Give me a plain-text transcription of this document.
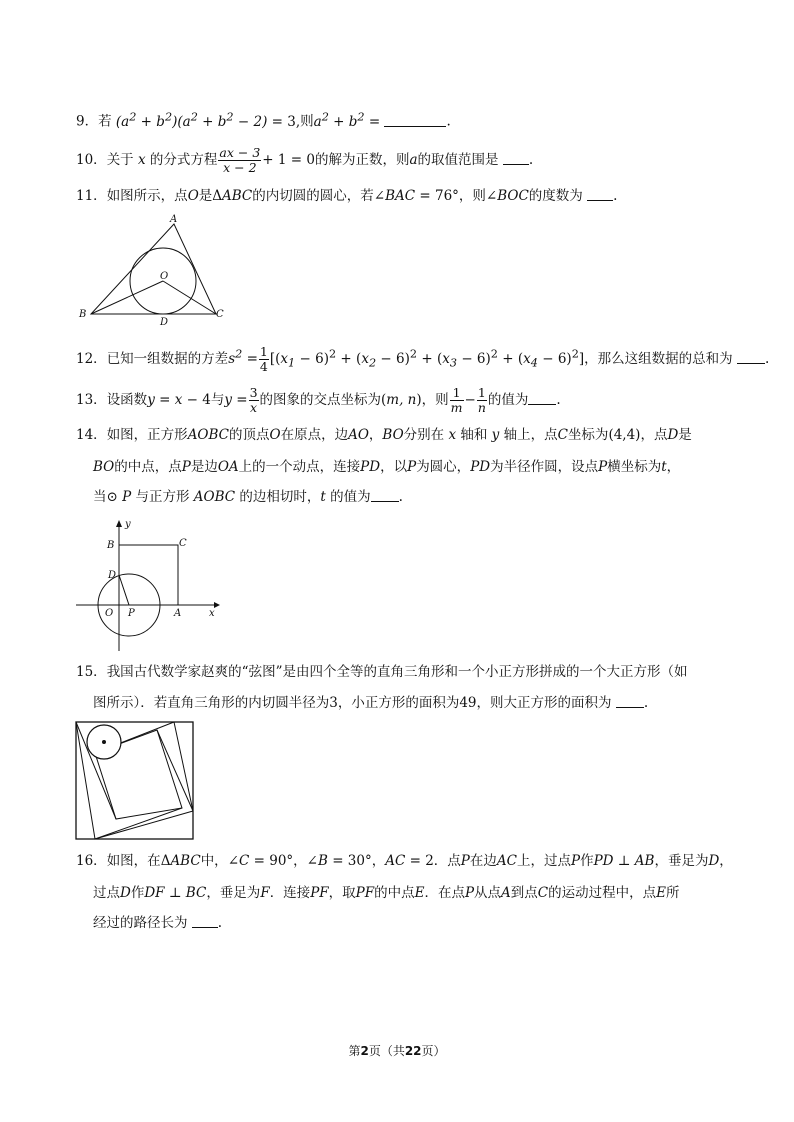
9．若 $(a^2 + b^2)(a^2 + b^2 - 2) = 3$,则$a^2 + b^2$ =	.
10．关于 x 的分式方程 $\frac{ax - 3}{x - 2} + 1 = 0$的解为正数，则a的取值范围是 .
11．如图所示，点O是ΔABC的内切圆的圆心，若∠BAC = 76°，则∠BOC的度数为 .
A
O
B
D
C
12．已知一组数据的方差$s^2 = \frac{1}{4} [(x_1 - 6)^2 + (x_2 - 6)^2 + (x_3 - 6)^2 + (x_4 - 6)^2]$，那么这组数据的总和为 .
13．设函数y = x − 4与$y = \frac{3}{x}$ 的图象的交点坐标为(m, n)，则 $\frac{1}{m} - \frac{1}{n}$ 的值为 .
14．如图，正方形AOBC的顶点O在原点，边AO，BO分别在 x 轴和 y 轴上，点C坐标为(4,4)，点D是
BO的中点，点P是边OA上的一个动点，连接PD，以P为圆心，PD为半径作圆，设点P横坐标为t，
当⊙ P 与正方形 AOBC 的边相切时，t 的值为 .
y
B	C
D
O P	A	x
15．我国古代数学家赵爽的“弦图”是由四个全等的直角三角形和一个小正方形拼成的一个大正方形（如
图所示）．若直角三角形的内切圆半径为3，小正方形的面积为49，则大正方形的面积为 .
16．如图，在ΔABC中，∠C = 90°，∠B = 30°，AC = 2．点P在边AC上，过点P作PD ⊥ AB，垂足为D，
过点D作DF ⊥ BC，垂足为F．连接PF，取PF的中点E．在点P从点A到点C的运动过程中，点E所
经过的路径长为 .
第2页（共22页）
